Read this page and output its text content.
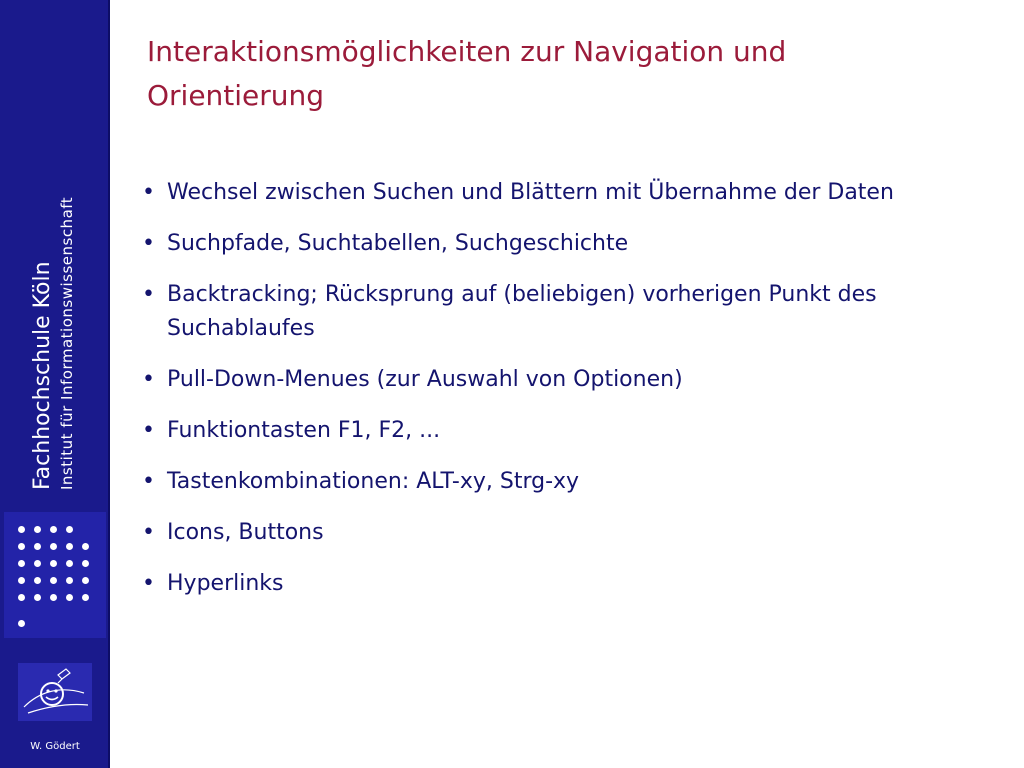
Fachhochschule Köln Institut für Informationswissenschaft
W. Gödert
Interaktionsmöglichkeiten zur Navigation und
Orientierung
• Wechsel zwischen Suchen und Blättern mit Übernahme der Daten
• Suchpfade, Suchtabellen, Suchgeschichte
• Backtracking; Rücksprung auf (beliebigen) vorherigen Punkt des
Suchablaufes
• Pull-Down-Menues (zur Auswahl von Optionen)
• Funktiontasten F1, F2, ...
• Tastenkombinationen: ALT-xy, Strg-xy
• Icons, Buttons
• Hyperlinks
